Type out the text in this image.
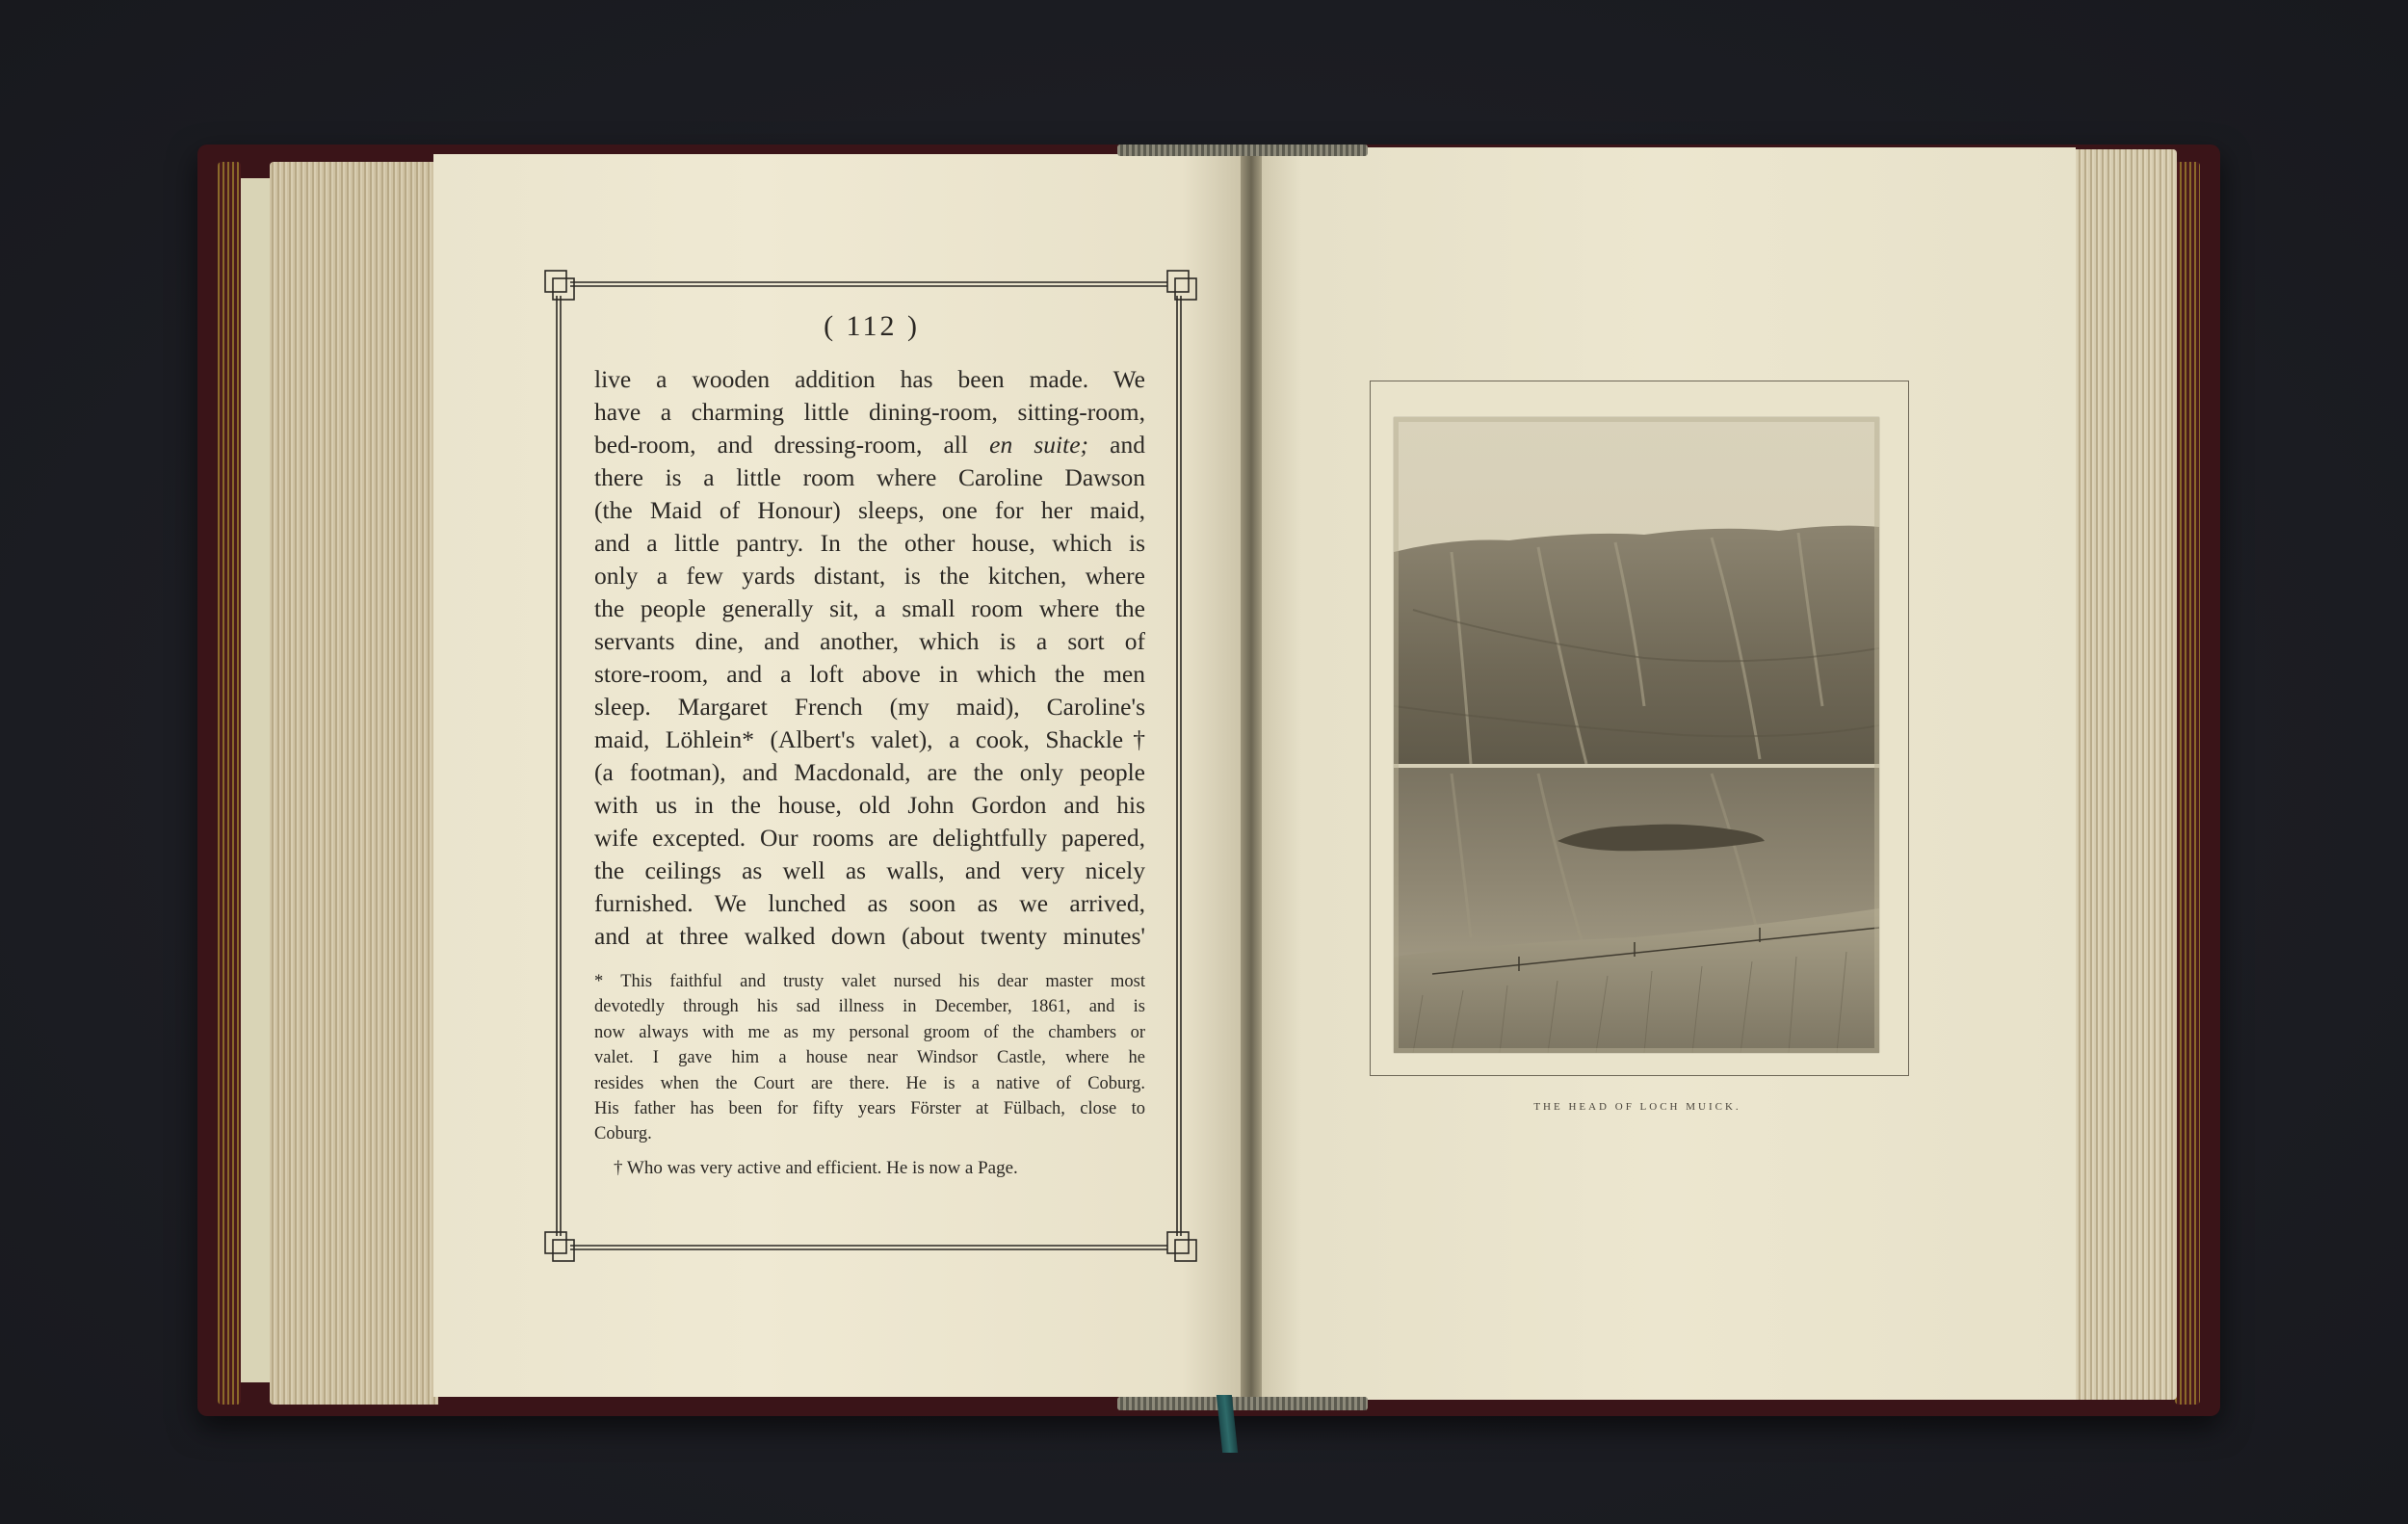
( 112 )
live a wooden addition has been made. We
have a charming little dining-room, sitting-room,
bed-room, and dressing-room, all en suite; and
there is a little room where Caroline Dawson
(the Maid of Honour) sleeps, one for her maid,
and a little pantry. In the other house, which is
only a few yards distant, is the kitchen, where
the people generally sit, a small room where the
servants dine, and another, which is a sort of
store-room, and a loft above in which the men
sleep. Margaret French (my maid), Caroline's
maid, Löhlein* (Albert's valet), a cook, Shackle†
(a footman), and Macdonald, are the only people
with us in the house, old John Gordon and his
wife excepted. Our rooms are delightfully papered,
the ceilings as well as walls, and very nicely
furnished. We lunched as soon as we arrived,
and at three walked down (about twenty minutes'
* This faithful and trusty valet nursed his dear master most
devotedly through his sad illness in December, 1861, and is
now always with me as my personal groom of the chambers or
valet. I gave him a house near Windsor Castle, where he
resides when the Court are there. He is a native of Coburg.
His father has been for fifty years Förster at Fülbach, close to
Coburg.
† Who was very active and efficient. He is now a Page.
THE HEAD OF LOCH MUICK.
